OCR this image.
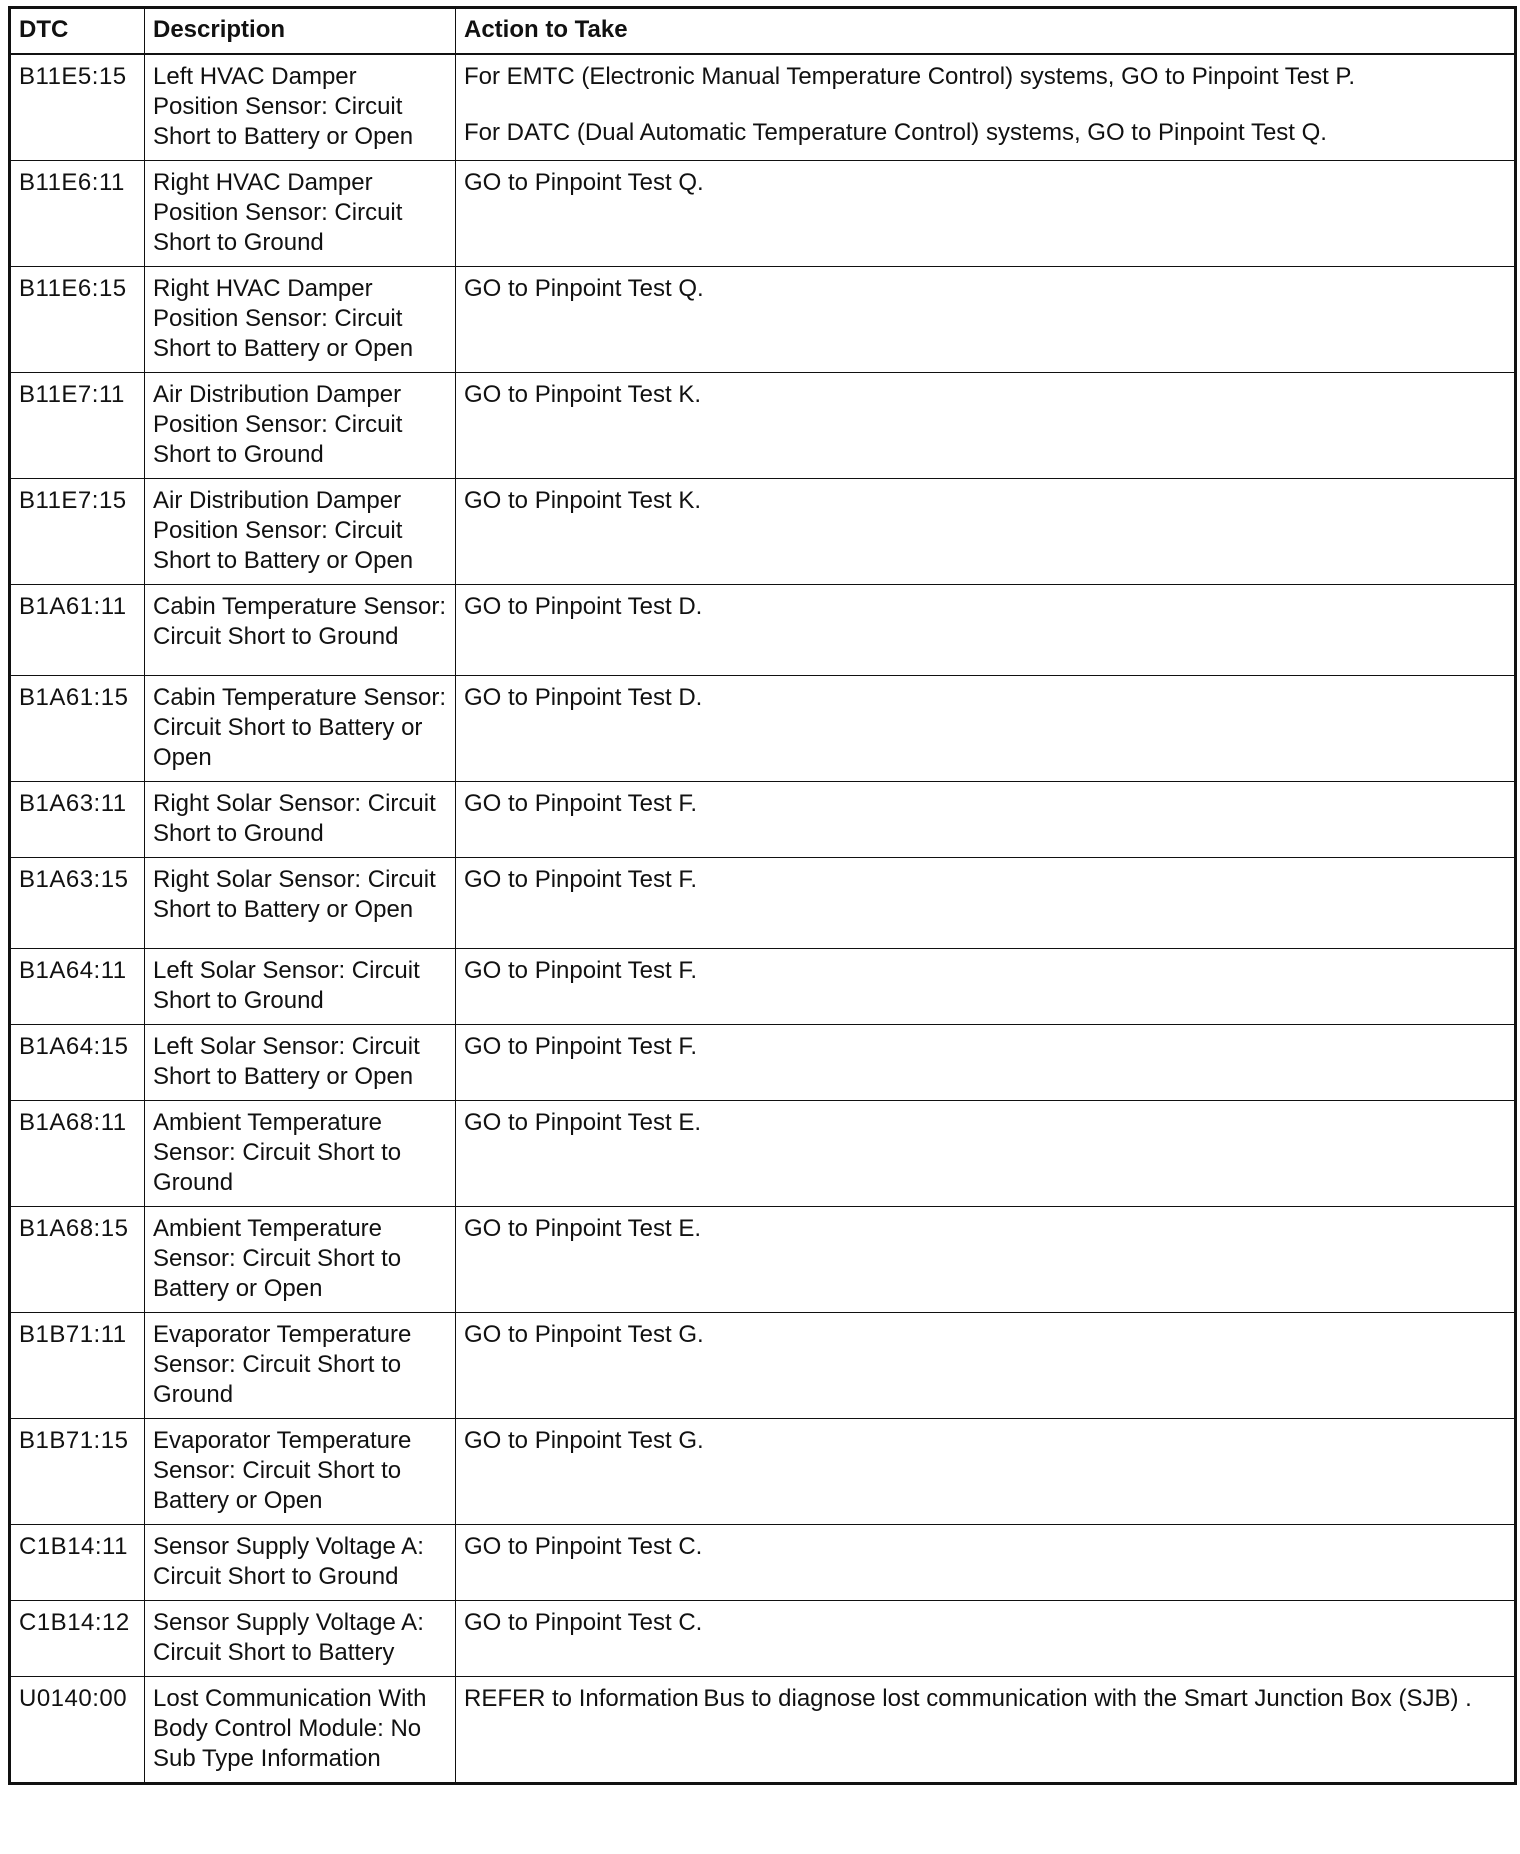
DTC	Description	Action to Take
B11E5:15	Left HVAC Damper Position Sensor: Circuit Short to Battery or Open	For EMTC (Electronic Manual Temperature Control) systems, GO to Pinpoint Test P.
For DATC (Dual Automatic Temperature Control) systems, GO to Pinpoint Test Q.

B11E6:11	Right HVAC Damper Position Sensor: Circuit Short to Ground	GO to Pinpoint Test Q.
B11E6:15	Right HVAC Damper Position Sensor: Circuit Short to Battery or Open	GO to Pinpoint Test Q.
B11E7:11	Air Distribution Damper Position Sensor: Circuit Short to Ground	GO to Pinpoint Test K.
B11E7:15	Air Distribution Damper Position Sensor: Circuit Short to Battery or Open	GO to Pinpoint Test K.
B1A61:11	Cabin Temperature Sensor: Circuit Short to Ground	GO to Pinpoint Test D.
B1A61:15	Cabin Temperature Sensor: Circuit Short to Battery or Open	GO to Pinpoint Test D.
B1A63:11	Right Solar Sensor: Circuit Short to Ground	GO to Pinpoint Test F.
B1A63:15	Right Solar Sensor: Circuit Short to Battery or Open	GO to Pinpoint Test F.
B1A64:11	Left Solar Sensor: Circuit Short to Ground	GO to Pinpoint Test F.
B1A64:15	Left Solar Sensor: Circuit Short to Battery or Open	GO to Pinpoint Test F.
B1A68:11	Ambient Temperature Sensor: Circuit Short to Ground	GO to Pinpoint Test E.
B1A68:15	Ambient Temperature Sensor: Circuit Short to Battery or Open	GO to Pinpoint Test E.
B1B71:11	Evaporator Temperature Sensor: Circuit Short to Ground	GO to Pinpoint Test G.
B1B71:15	Evaporator Temperature Sensor: Circuit Short to Battery or Open	GO to Pinpoint Test G.
C1B14:11	Sensor Supply Voltage A: Circuit Short to Ground	GO to Pinpoint Test C.
C1B14:12	Sensor Supply Voltage A: Circuit Short to Battery	GO to Pinpoint Test C.
U0140:00	Lost Communication With Body Control Module: No Sub Type Information	REFER to Information Bus to diagnose lost communication with the Smart Junction Box (SJB) .
